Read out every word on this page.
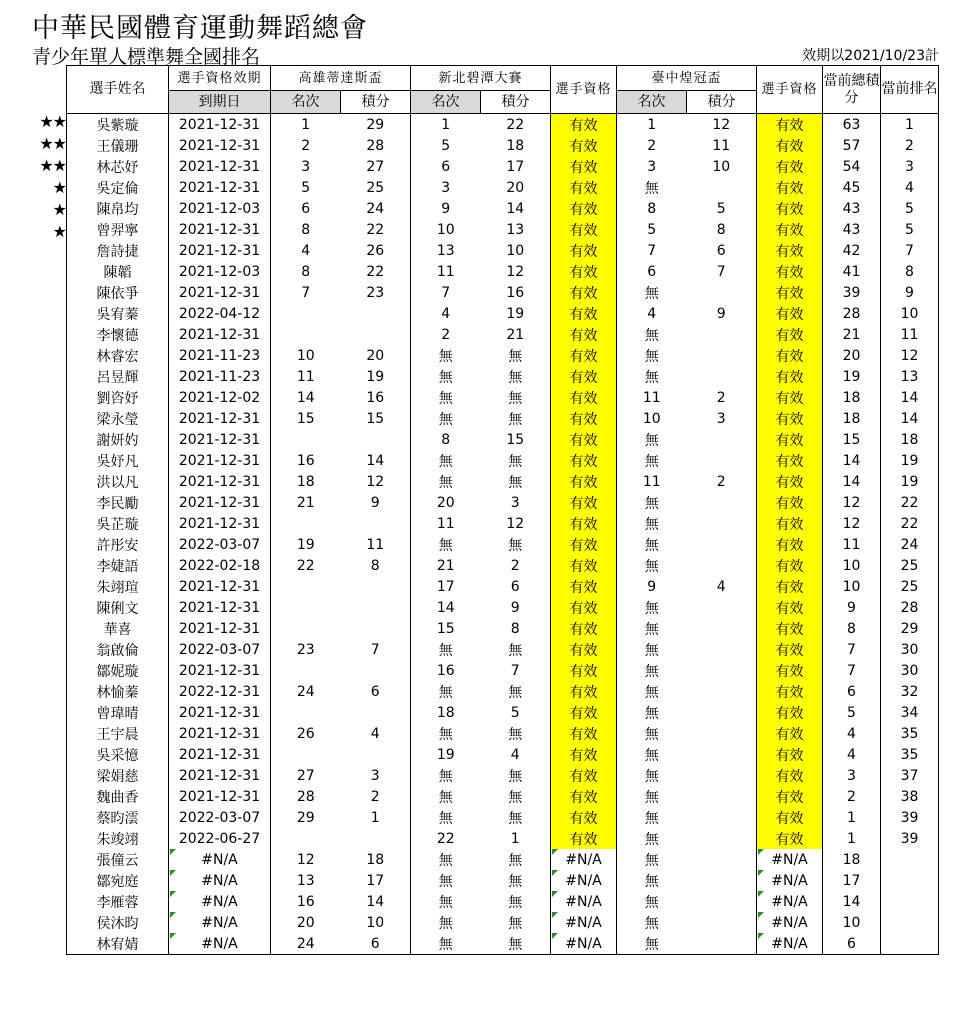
中華民國體育運動舞蹈總會
青少年單人標準舞全國排名	效期以2021/10/23計
★★
★★
★★
★
★
★
選手姓名	選手資格效期	高雄蒂達斯盃		新北碧潭大賽		選手資格	臺中煌冠盃		選手資格	當前總積分	當前排名
	到期日	名次	積分	名次	積分		名次	積分			
吳紫璇	2021-12-31	1	29	1	22	有效	1	12	有效	63	1
王儀珊	2021-12-31	2	28	5	18	有效	2	11	有效	57	2
林芯妤	2021-12-31	3	27	6	17	有效	3	10	有效	54	3
吳定倫	2021-12-31	5	25	3	20	有效	無		有效	45	4
陳帛均	2021-12-03	6	24	9	14	有效	8	5	有效	43	5
曾羿寧	2021-12-31	8	22	10	13	有效	5	8	有效	43	5
詹詩捷	2021-12-31	4	26	13	10	有效	7	6	有效	42	7
陳韜	2021-12-03	8	22	11	12	有效	6	7	有效	41	8
陳依爭	2021-12-31	7	23	7	16	有效	無		有效	39	9
吳宥蓁	2022-04-12			4	19	有效	4	9	有效	28	10
李懷德	2021-12-31			2	21	有效	無		有效	21	11
林睿宏	2021-11-23	10	20	無	無	有效	無		有效	20	12
呂昱輝	2021-11-23	11	19	無	無	有效	無		有效	19	13
劉咨妤	2021-12-02	14	16	無	無	有效	11	2	有效	18	14
梁永瑩	2021-12-31	15	15	無	無	有效	10	3	有效	18	14
謝妍妁	2021-12-31			8	15	有效	無		有效	15	18
吳妤凡	2021-12-31	16	14	無	無	有效	無		有效	14	19
洪以凡	2021-12-31	18	12	無	無	有效	11	2	有效	14	19
李民勵	2021-12-31	21	9	20	3	有效	無		有效	12	22
吳芷璇	2021-12-31			11	12	有效	無		有效	12	22
許彤安	2022-03-07	19	11	無	無	有效	無		有效	11	24
李婕語	2022-02-18	22	8	21	2	有效	無		有效	10	25
朱翊瑄	2021-12-31			17	6	有效	9	4	有效	10	25
陳俐文	2021-12-31			14	9	有效	無		有效	9	28
華喜	2021-12-31			15	8	有效	無		有效	8	29
翁啟倫	2022-03-07	23	7	無	無	有效	無		有效	7	30
鄒妮璇	2021-12-31			16	7	有效	無		有效	7	30
林愉蓁	2022-12-31	24	6	無	無	有效	無		有效	6	32
曾瑋晴	2021-12-31			18	5	有效	無		有效	5	34
王宇晨	2021-12-31	26	4	無	無	有效	無		有效	4	35
吳采憶	2021-12-31			19	4	有效	無		有效	4	35
梁娟慈	2021-12-31	27	3	無	無	有效	無		有效	3	37
魏曲香	2021-12-31	28	2	無	無	有效	無		有效	2	38
蔡昀澐	2022-03-07	29	1	無	無	有效	無		有效	1	39
朱竣翊	2022-06-27			22	1	有效	無		有效	1	39
張僮云	#N/A	12	18	無	無	#N/A	無		#N/A	18	
鄒宛庭	#N/A	13	17	無	無	#N/A	無		#N/A	17	
李雁蓉	#N/A	16	14	無	無	#N/A	無		#N/A	14	
侯沐昀	#N/A	20	10	無	無	#N/A	無		#N/A	10	
林宥婧	#N/A	24	6	無	無	#N/A	無		#N/A	6	
